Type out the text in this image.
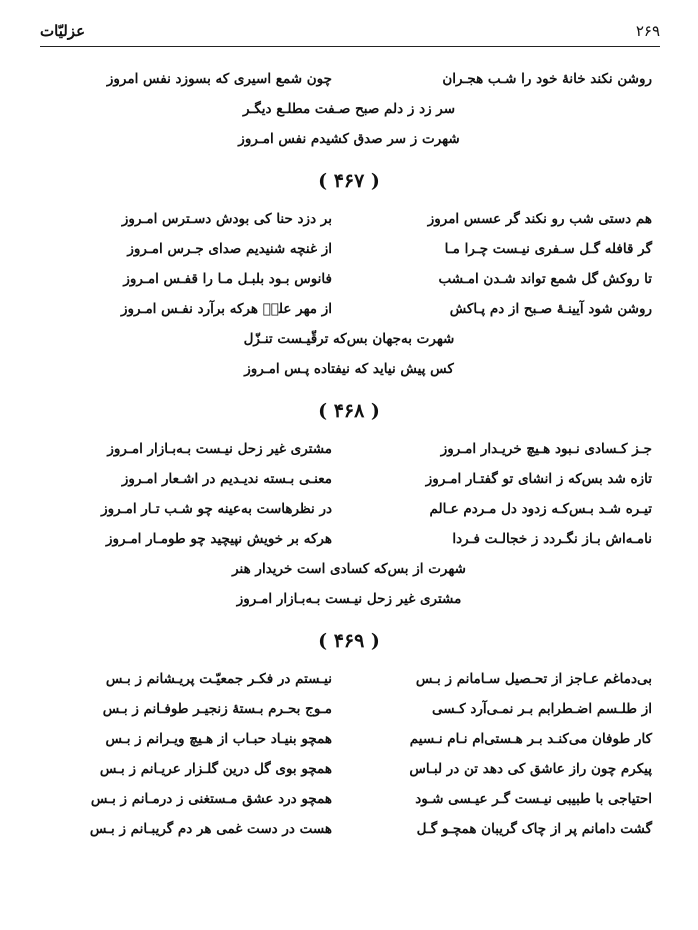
۲۶۹
عزلیّات
روشن نکند خانهٔ خود را شـب هجـران
چون شمع اسیری که بسوزد نفس امروز
سر زد ز دلم صبح صـفت مطلـع دیگـر
شهرت ز سر صدق کشیدم نفس امـروز
( ۴۶۷ )
هم دستی شب رو نکند گر عسس امروز
بر دزد حنا کی بودش دسـترس امـروز
گر قافله گـل سـفری نیـست چـرا مـا
از غنچه شنیدیم صدای جـرس امـروز
تا روکش گل شمع تواند شـدن امـشب
فانوس بـود بلبـل مـا را قفـس امـروز
روشن شود آیینـهٔ صـبح از دم پـاکش
از مهر علیؑ هرکه برآرد نفـس امـروز
شهرت به‌جهان بس‌که ترقّیـست تنـزّل
کس پیش نیاید که نیفتاده پـس امـروز
( ۴۶۸ )
جـز کـسادی نـبود هـیچ خریـدار امـروز
مشتری غیر زحل نیـست بـه‌بـازار امـروز
تازه شد بس‌که ز انشای تو گفتـار امـروز
معنـی بـسته ندیـدیم در اشـعار امـروز
تیـره شـد بـس‌کـه زدود دل مـردم عـالم
در نظرهاست به‌عینه چو شـب تـار امـروز
نامـه‌اش بـاز نگـردد ز خجالـت فـردا
هرکه بر خویش نپیچید چو طومـار امـروز
شهرت از بس‌که کسادی است خریدار هنر
مشتری غیر زحل نیـست بـه‌بـازار امـروز
( ۴۶۹ )
بی‌دماغم عـاجز از تحـصیل سـامانم ز بـس
نیـستم در فکـر جمعیّـت پریـشانم ز بـس
از طلـسم اضـطرابم بـر نمـی‌آرد کـسی
مـوج بحـرم بـستهٔ زنجیـر طوفـانم ز بـس
کار طوفان می‌کنـد بـر هـستی‌ام نـام نـسیم
همچو بنیـاد حبـاب از هـیچ ویـرانم ز بـس
پیکرم چون راز عاشق کی دهد تن در لبـاس
همچو بوی گل درین گلـزار عریـانم ز بـس
احتیاجی با طبیبی نیـست گـر عیـسی شـود
همچو درد عشق مـستغنی ز درمـانم ز بـس
گشت دامانم پر از چاک گریبان همچـو گـل
هست در دست غمی هر دم گریبـانم ز بـس
